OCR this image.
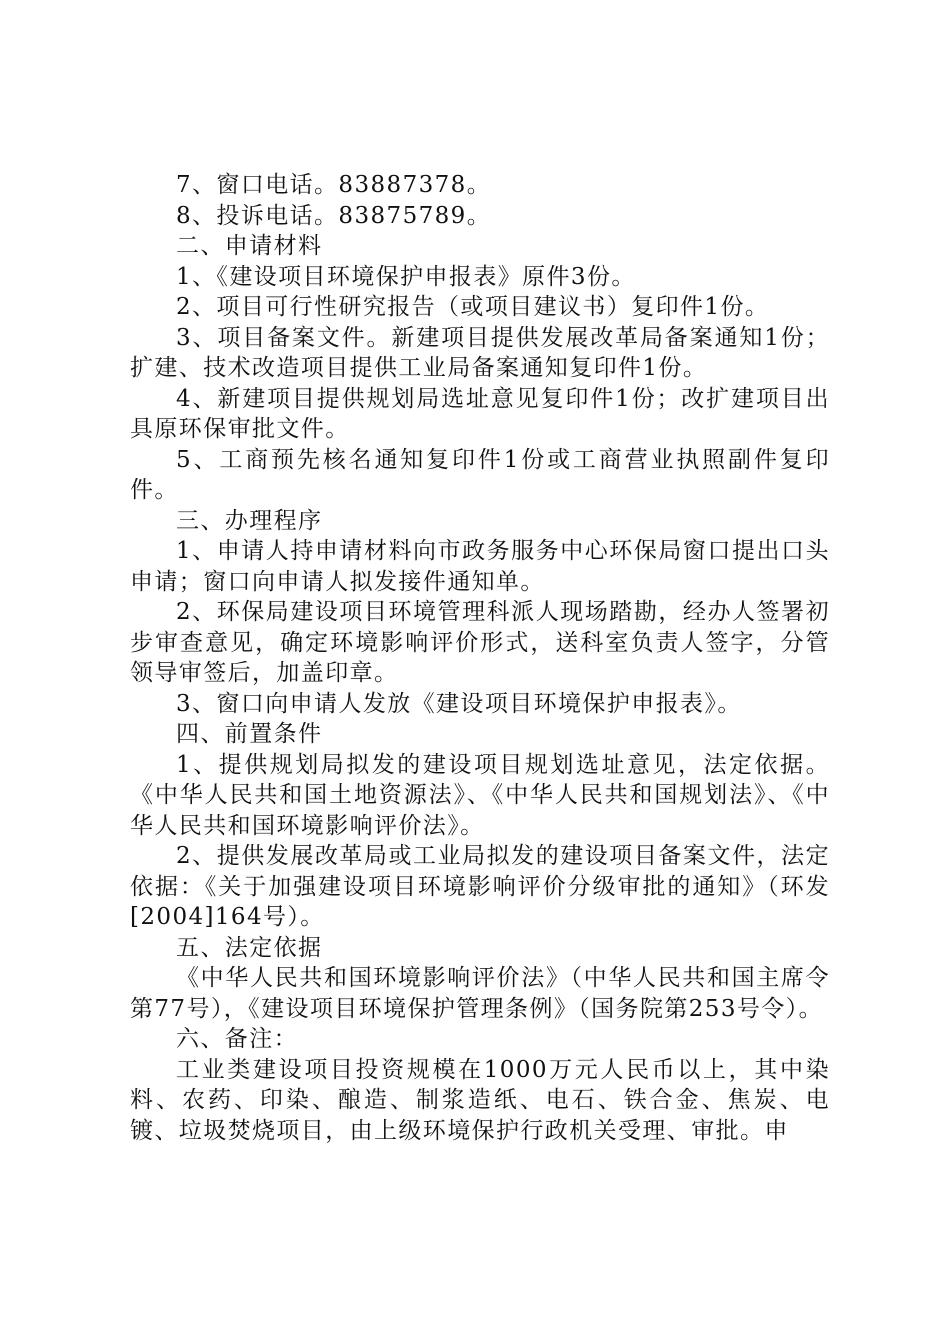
7、窗口电话。83887378。

8、投诉电话。83875789。

二、申请材料

1、《建设项目环境保护申报表》原件3份。

2、项目可行性研究报告（或项目建议书）复印件1份。

3、项目备案文件。新建项目提供发展改革局备案通知1份；扩建、技术改造项目提供工业局备案通知复印件1份。

4、新建项目提供规划局选址意见复印件1份；改扩建项目出具原环保审批文件。

5、工商预先核名通知复印件1份或工商营业执照副件复印件。

三、办理程序

1、申请人持申请材料向市政务服务中心环保局窗口提出口头申请；窗口向申请人拟发接件通知单。

2、环保局建设项目环境管理科派人现场踏勘，经办人签署初步审查意见，确定环境影响评价形式，送科室负责人签字，分管领导审签后，加盖印章。

3、窗口向申请人发放《建设项目环境保护申报表》。

四、前置条件

1、提供规划局拟发的建设项目规划选址意见，法定依据。《中华人民共和国土地资源法》、《中华人民共和国规划法》、《中华人民共和国环境影响评价法》。

2、提供发展改革局或工业局拟发的建设项目备案文件，法定依据：《关于加强建设项目环境影响评价分级审批的通知》（环发[2004]164号）。

五、法定依据

《中华人民共和国环境影响评价法》（中华人民共和国主席令第77号），《建设项目环境保护管理条例》（国务院第253号令）。

六、备注：

工业类建设项目投资规模在1000万元人民币以上，其中染料、农药、印染、酿造、制浆造纸、电石、铁合金、焦炭、电镀、垃圾焚烧项目，由上级环境保护行政机关受理、审批。申
